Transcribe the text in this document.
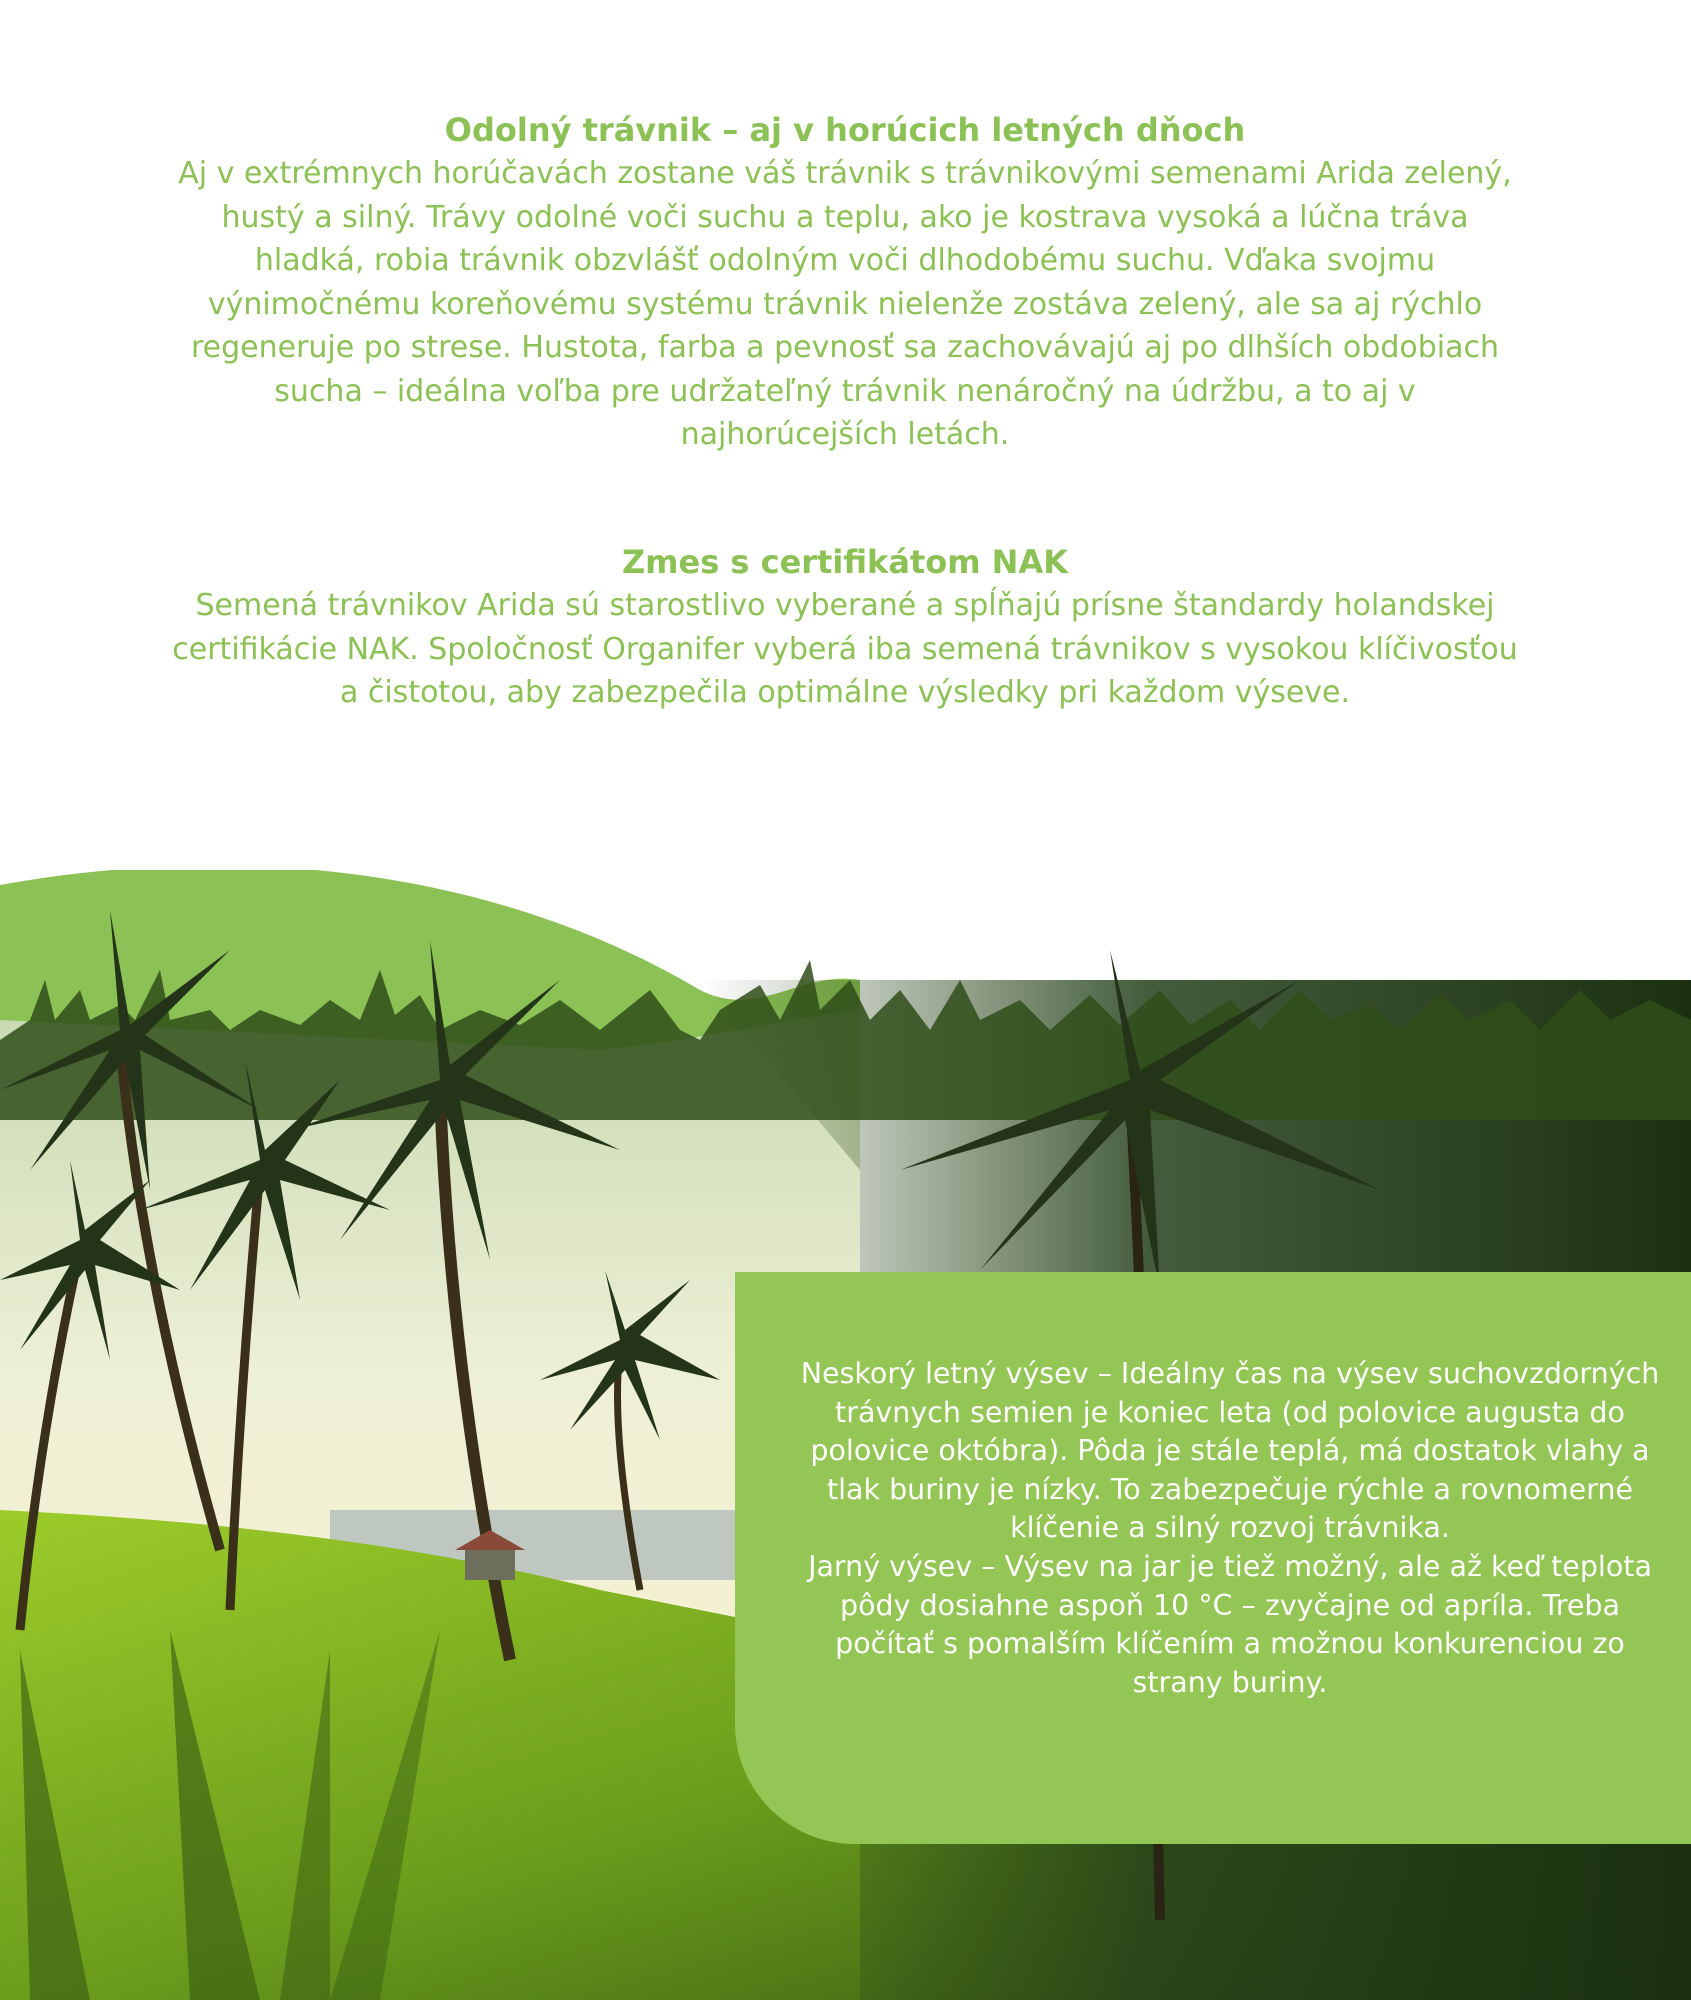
Odolný trávnik – aj v horúcich letných dňoch

Aj v extrémnych horúčavách zostane váš trávnik s trávnikovými semenami Arida zelený, hustý a silný. Trávy odolné voči suchu a teplu, ako je kostrava vysoká a lúčna tráva hladká, robia trávnik obzvlášť odolným voči dlhodobému suchu. Vďaka svojmu výnimočnému koreňovému systému trávnik nielenže zostáva zelený, ale sa aj rýchlo regeneruje po strese. Hustota, farba a pevnosť sa zachovávajú aj po dlhších obdobiach sucha – ideálna voľba pre udržateľný trávnik nenáročný na údržbu, a to aj v najhorúcejších letách.

Zmes s certifikátom NAK

Semená trávnikov Arida sú starostlivo vyberané a spĺňajú prísne štandardy holandskej certifikácie NAK. Spoločnosť Organifer vyberá iba semená trávnikov s vysokou klíčivosťou a čistotou, aby zabezpečila optimálne výsledky pri každom výseve.

Neskorý letný výsev – Ideálny čas na výsev suchovzdorných trávnych semien je koniec leta (od polovice augusta do polovice októbra). Pôda je stále teplá, má dostatok vlahy a tlak buriny je nízky. To zabezpečuje rýchle a rovnomerné klíčenie a silný rozvoj trávnika.

Jarný výsev – Výsev na jar je tiež možný, ale až keď teplota pôdy dosiahne aspoň 10 °C – zvyčajne od apríla. Treba počítať s pomalším klíčením a možnou konkurenciou zo strany buriny.
